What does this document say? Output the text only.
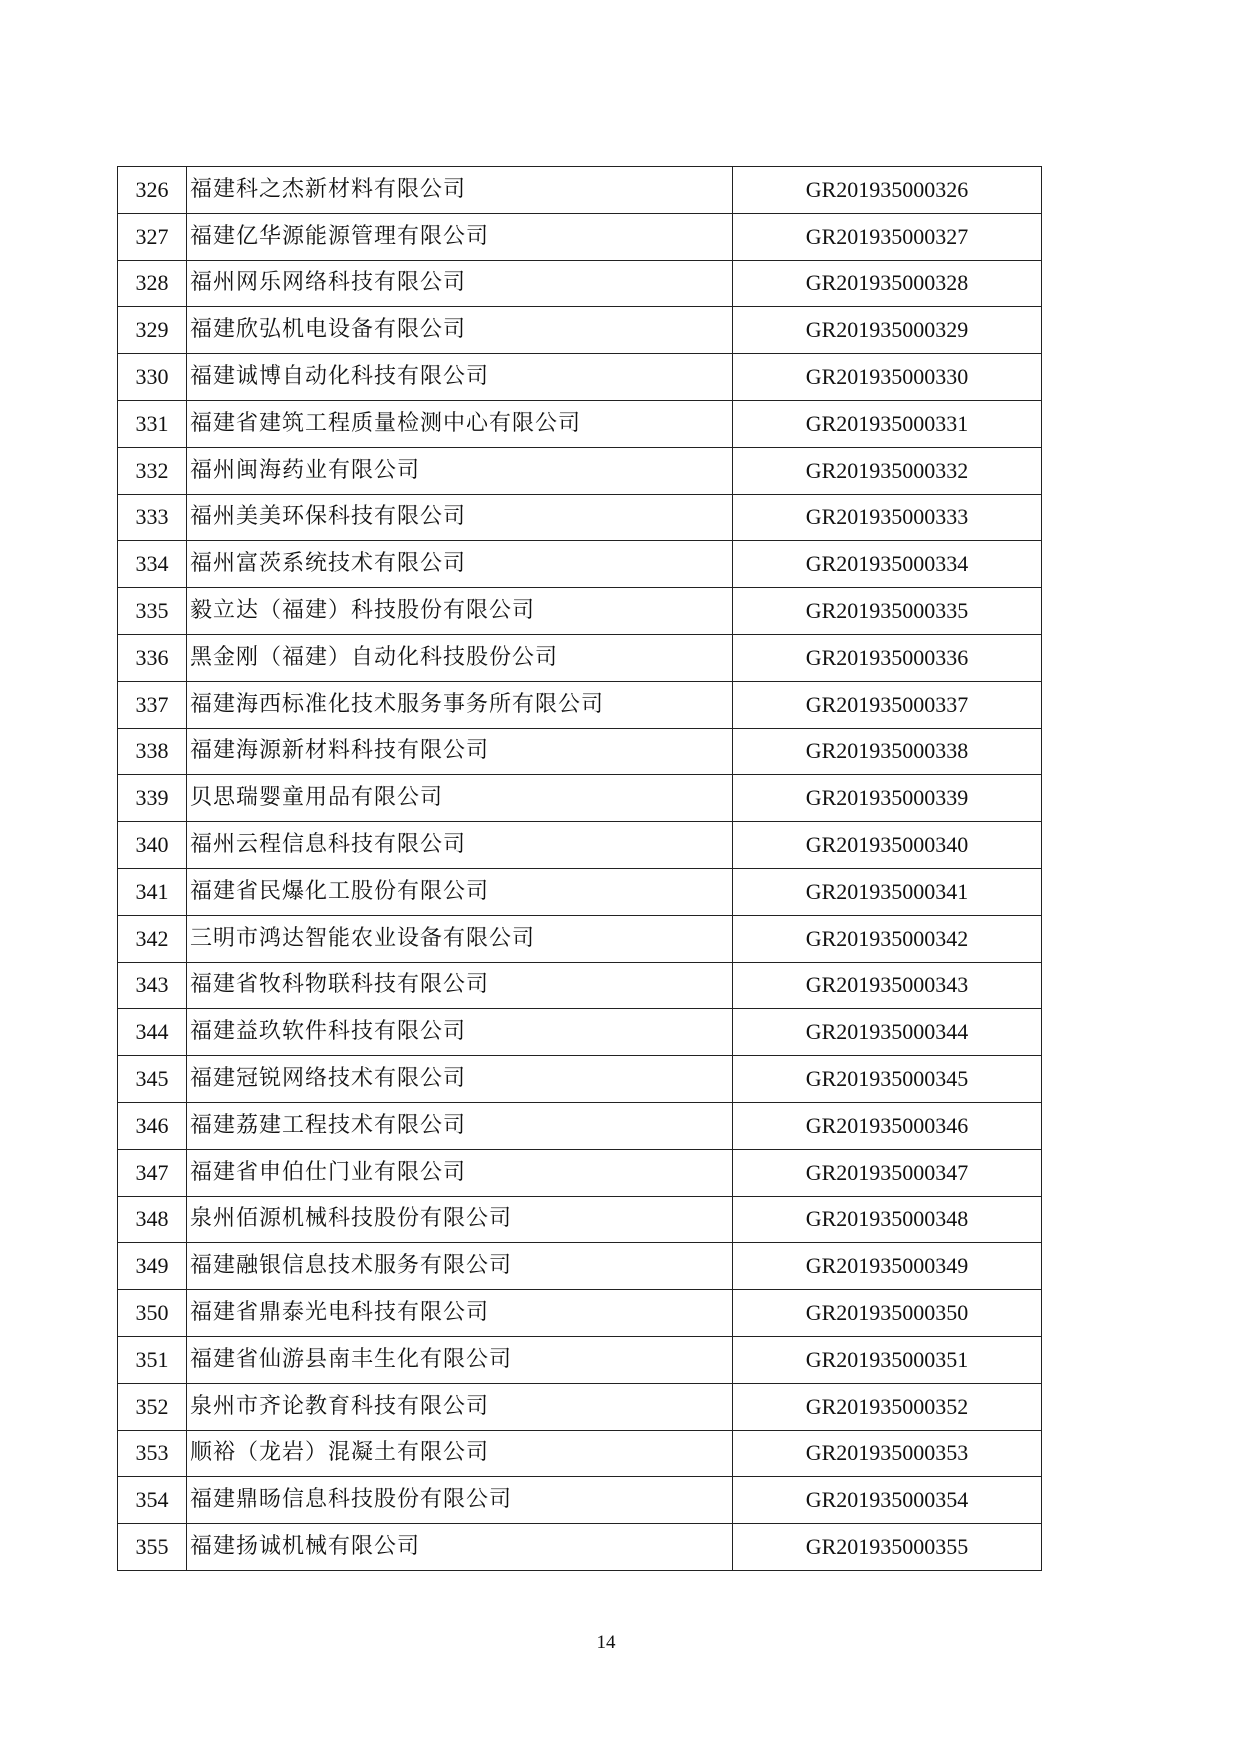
326	福建科之杰新材料有限公司	GR201935000326
327	福建亿华源能源管理有限公司	GR201935000327
328	福州网乐网络科技有限公司	GR201935000328
329	福建欣弘机电设备有限公司	GR201935000329
330	福建诚博自动化科技有限公司	GR201935000330
331	福建省建筑工程质量检测中心有限公司	GR201935000331
332	福州闽海药业有限公司	GR201935000332
333	福州美美环保科技有限公司	GR201935000333
334	福州富茨系统技术有限公司	GR201935000334
335	毅立达（福建）科技股份有限公司	GR201935000335
336	黑金刚（福建）自动化科技股份公司	GR201935000336
337	福建海西标准化技术服务事务所有限公司	GR201935000337
338	福建海源新材料科技有限公司	GR201935000338
339	贝思瑞婴童用品有限公司	GR201935000339
340	福州云程信息科技有限公司	GR201935000340
341	福建省民爆化工股份有限公司	GR201935000341
342	三明市鸿达智能农业设备有限公司	GR201935000342
343	福建省牧科物联科技有限公司	GR201935000343
344	福建益玖软件科技有限公司	GR201935000344
345	福建冠锐网络技术有限公司	GR201935000345
346	福建荔建工程技术有限公司	GR201935000346
347	福建省申伯仕门业有限公司	GR201935000347
348	泉州佰源机械科技股份有限公司	GR201935000348
349	福建融银信息技术服务有限公司	GR201935000349
350	福建省鼎泰光电科技有限公司	GR201935000350
351	福建省仙游县南丰生化有限公司	GR201935000351
352	泉州市齐论教育科技有限公司	GR201935000352
353	顺裕（龙岩）混凝土有限公司	GR201935000353
354	福建鼎旸信息科技股份有限公司	GR201935000354
355	福建扬诚机械有限公司	GR201935000355
14
